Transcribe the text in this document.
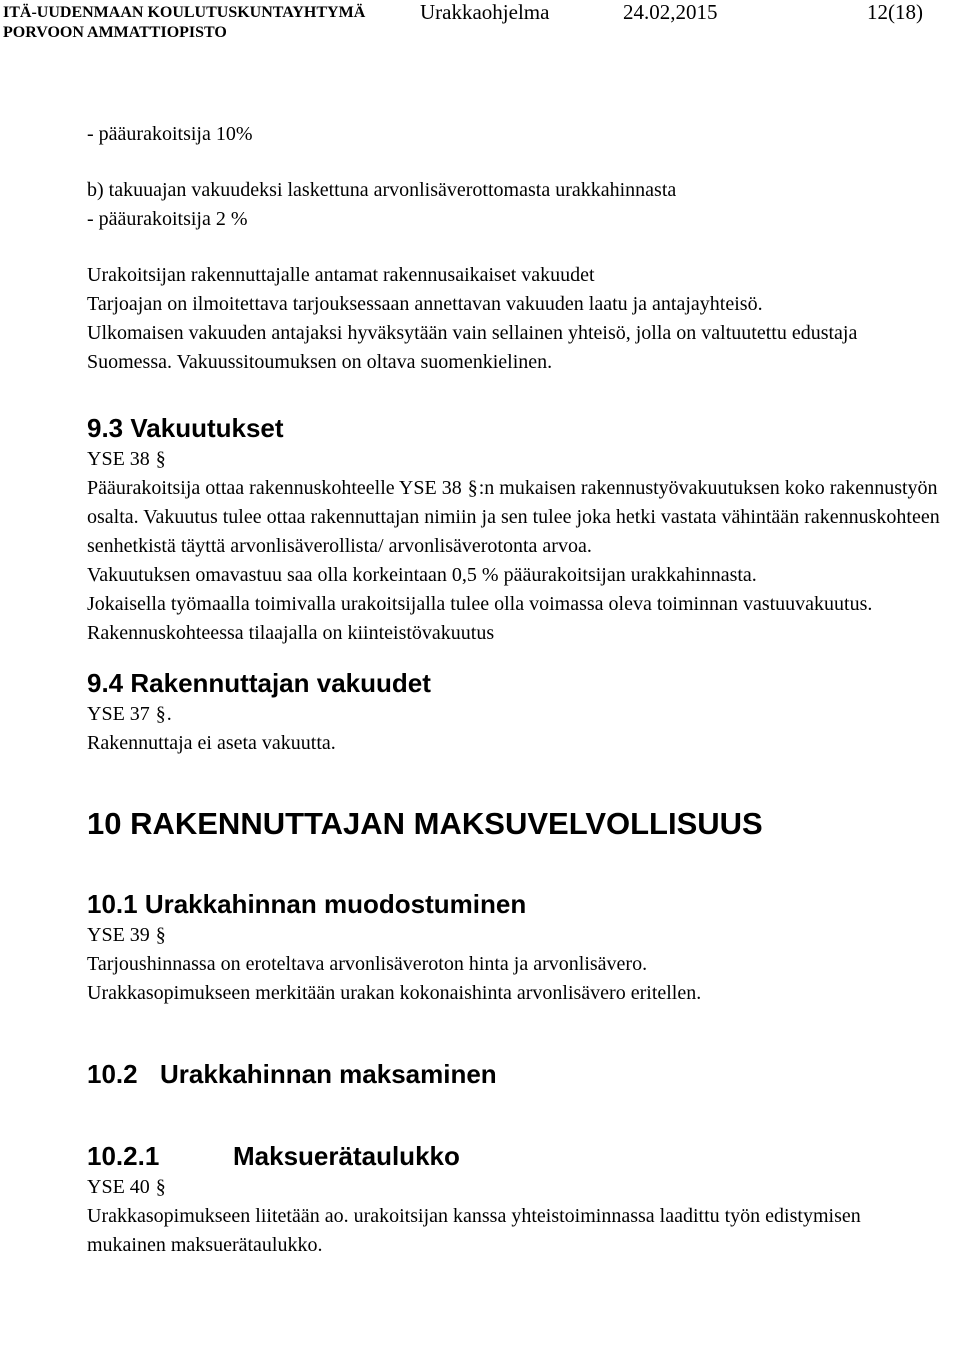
ITÄ-UUDENMAAN KOULUTUSKUNTAYHTYMÄ
PORVOON AMMATTIOPISTO
Urakkaohjelma	24.02,2015	12(18)

- pääurakoitsija 10%

b) takuuajan vakuudeksi laskettuna arvonlisäverottomasta urakkahinnasta

- pääurakoitsija 2 %

Urakoitsijan rakennuttajalle antamat rakennusaikaiset vakuudet

Tarjoajan on ilmoitettava tarjouksessaan annettavan vakuuden laatu ja antajayhteisö.

Ulkomaisen vakuuden antajaksi hyväksytään vain sellainen yhteisö, jolla on valtuutettu edustaja Suomessa. Vakuussitoumuksen on oltava suomenkielinen.

9.3 Vakuutukset

YSE 38 §

Pääurakoitsija ottaa rakennuskohteelle YSE 38 §:n mukaisen rakennustyövakuutuksen koko rakennustyön osalta. Vakuutus tulee ottaa rakennuttajan nimiin ja sen tulee joka hetki vastata vähintään rakennuskohteen senhetkistä täyttä arvonlisäverollista/ arvonlisäverotonta arvoa.

Vakuutuksen omavastuu saa olla korkeintaan 0,5 % pääurakoitsijan urakkahinnasta.

Jokaisella työmaalla toimivalla urakoitsijalla tulee olla voimassa oleva toiminnan vastuuvakuutus.

Rakennuskohteessa tilaajalla on kiinteistövakuutus

9.4 Rakennuttajan vakuudet

YSE 37 §.

Rakennuttaja ei aseta vakuutta.

10 RAKENNUTTAJAN MAKSUVELVOLLISUUS
10.1 Urakkahinnan muodostuminen

YSE 39 §

Tarjoushinnassa on eroteltava arvonlisäveroton hinta ja arvonlisävero.

Urakkasopimukseen merkitään urakan kokonaishinta arvonlisävero eritellen.

10.2 Urakkahinnan maksaminen
10.2.1	Maksuerätaulukko

YSE 40 §

Urakkasopimukseen liitetään ao. urakoitsijan kanssa yhteistoiminnassa laadittu työn edistymisen mukainen maksuerätaulukko.
